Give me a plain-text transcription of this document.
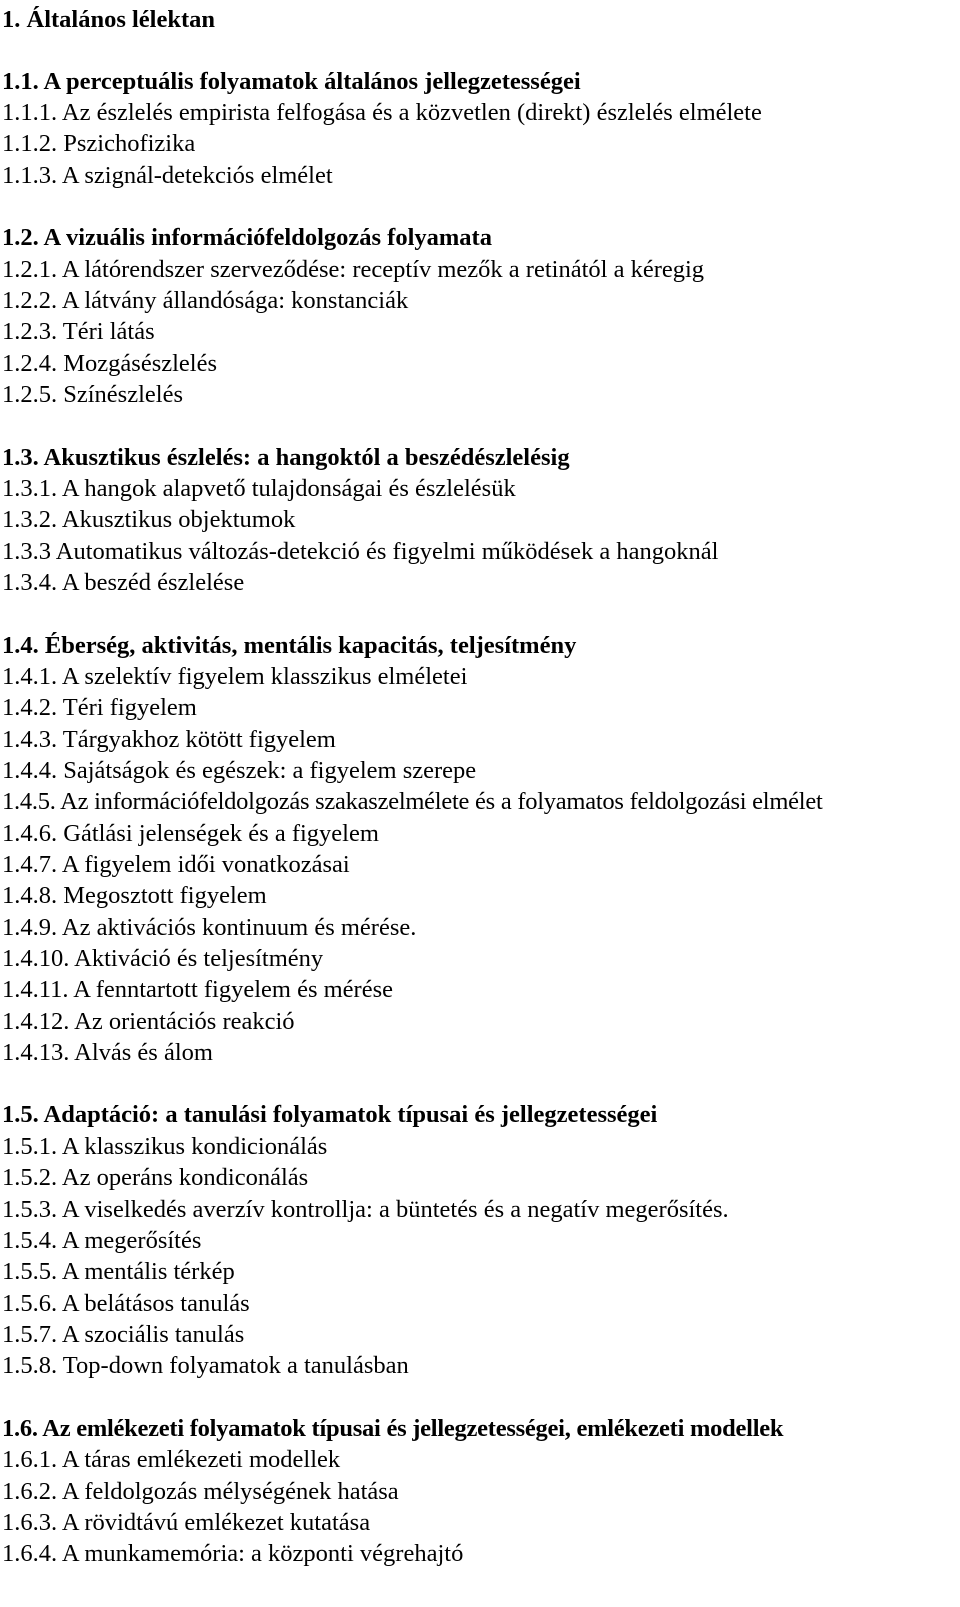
1. Általános lélektan
1.1. A perceptuális folyamatok általános jellegzetességei
1.1.1. Az észlelés empirista felfogása és a közvetlen (direkt) észlelés elmélete
1.1.2. Pszichofizika
1.1.3. A szignál-detekciós elmélet
1.2. A vizuális információfeldolgozás folyamata
1.2.1. A látórendszer szerveződése: receptív mezők a retinától a kéregig
1.2.2. A látvány állandósága: konstanciák
1.2.3. Téri látás
1.2.4. Mozgásészlelés
1.2.5. Színészlelés
1.3. Akusztikus észlelés: a hangoktól a beszédészlelésig
1.3.1. A hangok alapvető tulajdonságai és észlelésük
1.3.2. Akusztikus objektumok
1.3.3 Automatikus változás-detekció és figyelmi működések a hangoknál
1.3.4. A beszéd észlelése
1.4. Éberség, aktivitás, mentális kapacitás, teljesítmény
1.4.1. A szelektív figyelem klasszikus elméletei
1.4.2. Téri figyelem
1.4.3. Tárgyakhoz kötött figyelem
1.4.4. Sajátságok és egészek: a figyelem szerepe
1.4.5. Az információfeldolgozás szakaszelmélete és a folyamatos feldolgozási elmélet
1.4.6. Gátlási jelenségek és a figyelem
1.4.7. A figyelem idői vonatkozásai
1.4.8. Megosztott figyelem
1.4.9. Az aktivációs kontinuum és mérése.
1.4.10. Aktiváció és teljesítmény
1.4.11. A fenntartott figyelem és mérése
1.4.12. Az orientációs reakció
1.4.13. Alvás és álom
1.5. Adaptáció: a tanulási folyamatok típusai és jellegzetességei
1.5.1. A klasszikus kondicionálás
1.5.2. Az operáns kondiconálás
1.5.3. A viselkedés averzív kontrollja: a büntetés és a negatív megerősítés.
1.5.4. A megerősítés
1.5.5. A mentális térkép
1.5.6. A belátásos tanulás
1.5.7. A szociális tanulás
1.5.8. Top-down folyamatok a tanulásban
1.6. Az emlékezeti folyamatok típusai és jellegzetességei, emlékezeti modellek
1.6.1. A táras emlékezeti modellek
1.6.2. A feldolgozás mélységének hatása
1.6.3. A rövidtávú emlékezet kutatása
1.6.4. A munkamemória: a központi végrehajtó
